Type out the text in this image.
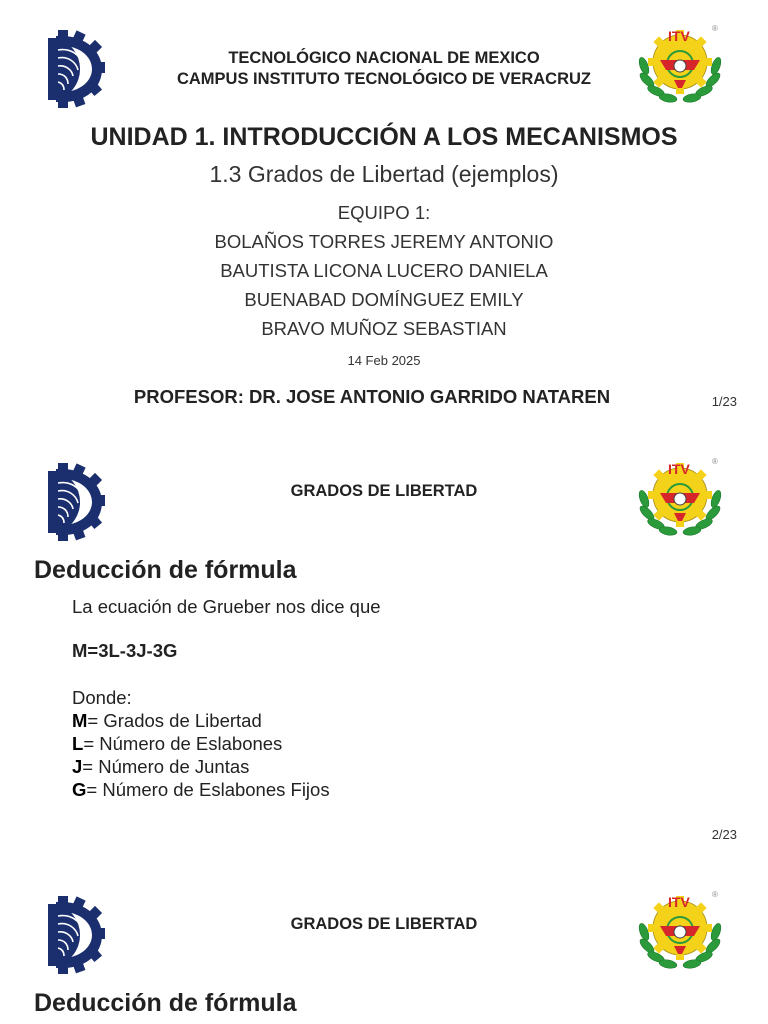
TECNOLÓGICO NACIONAL DE MEXICO
CAMPUS INSTITUTO TECNOLÓGICO DE VERACRUZ
ITV	®
UNIDAD 1. INTRODUCCIÓN A LOS MECANISMOS
1.3 Grados de Libertad (ejemplos)
EQUIPO 1:
BOLAÑOS TORRES JEREMY ANTONIO
BAUTISTA LICONA LUCERO DANIELA
BUENABAD DOMÍNGUEZ EMILY
BRAVO MUÑOZ SEBASTIAN
14 Feb 2025
PROFESOR: DR. JOSE ANTONIO GARRIDO NATAREN	1/23
GRADOS DE LIBERTAD
ITV	®
Deducción de fórmula
La ecuación de Grueber nos dice que
M=3L-3J-3G
Donde:
M= Grados de Libertad
L= Número de Eslabones
J= Número de Juntas
G= Número de Eslabones Fijos
2/23
GRADOS DE LIBERTAD
ITV	®
Deducción de fórmula
